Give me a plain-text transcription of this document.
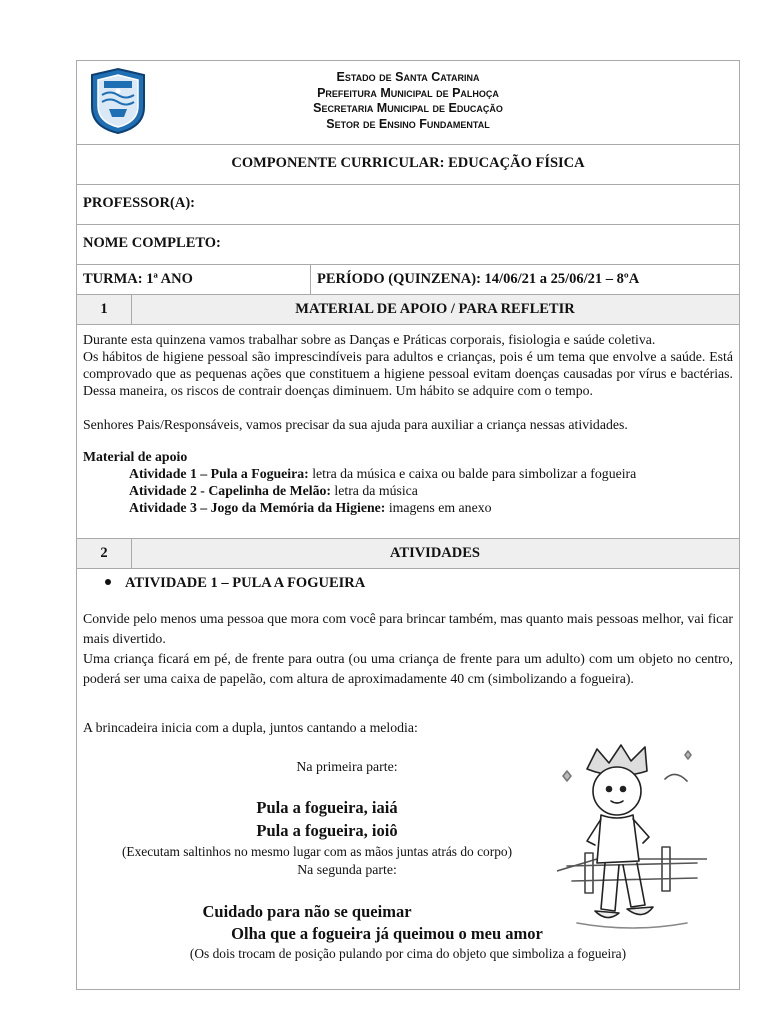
Estado de Santa Catarina
Prefeitura Municipal de Palhoça
Secretaria Municipal de Educação
Setor de Ensino Fundamental
COMPONENTE CURRICULAR: EDUCAÇÃO FÍSICA
PROFESSOR(A):
NOME COMPLETO:
TURMA: 1ª ANO	PERÍODO (QUINZENA): 14/06/21 a 25/06/21 – 8ºA
1	MATERIAL DE APOIO / PARA REFLETIR

Durante esta quinzena vamos trabalhar sobre as Danças e Práticas corporais, fisiologia e saúde coletiva.

Os hábitos de higiene pessoal são imprescindíveis para adultos e crianças, pois é um tema que envolve a saúde. Está comprovado que as pequenas ações que constituem a higiene pessoal evitam doenças causadas por vírus e bactérias. Dessa maneira, os riscos de contrair doenças diminuem. Um hábito se adquire com o tempo.

Senhores Pais/Responsáveis, vamos precisar da sua ajuda para auxiliar a criança nessas atividades.

Material de apoio

Atividade 1 – Pula a Fogueira: letra da música e caixa ou balde para simbolizar a fogueira

Atividade 2 - Capelinha de Melão: letra da música

Atividade 3 – Jogo da Memória da Higiene: imagens em anexo

2	ATIVIDADES
ATIVIDADE 1 – PULA A FOGUEIRA
Convide pelo menos uma pessoa que mora com você para brincar também, mas quanto mais pessoas melhor, vai ficar mais divertido.
Uma criança ficará em pé, de frente para outra (ou uma criança de frente para um adulto) com um objeto no centro, poderá ser uma caixa de papelão, com altura de aproximadamente 40 cm (simbolizando a fogueira).
A brincadeira inicia com a dupla, juntos cantando a melodia:
Na primeira parte:
Pula a fogueira, iaiá
Pula a fogueira, ioiô
(Executam saltinhos no mesmo lugar com as mãos juntas atrás do corpo)
Na segunda parte:
Cuidado para não se queimar
Olha que a fogueira já queimou o meu amor
(Os dois trocam de posição pulando por cima do objeto que simboliza a fogueira)
